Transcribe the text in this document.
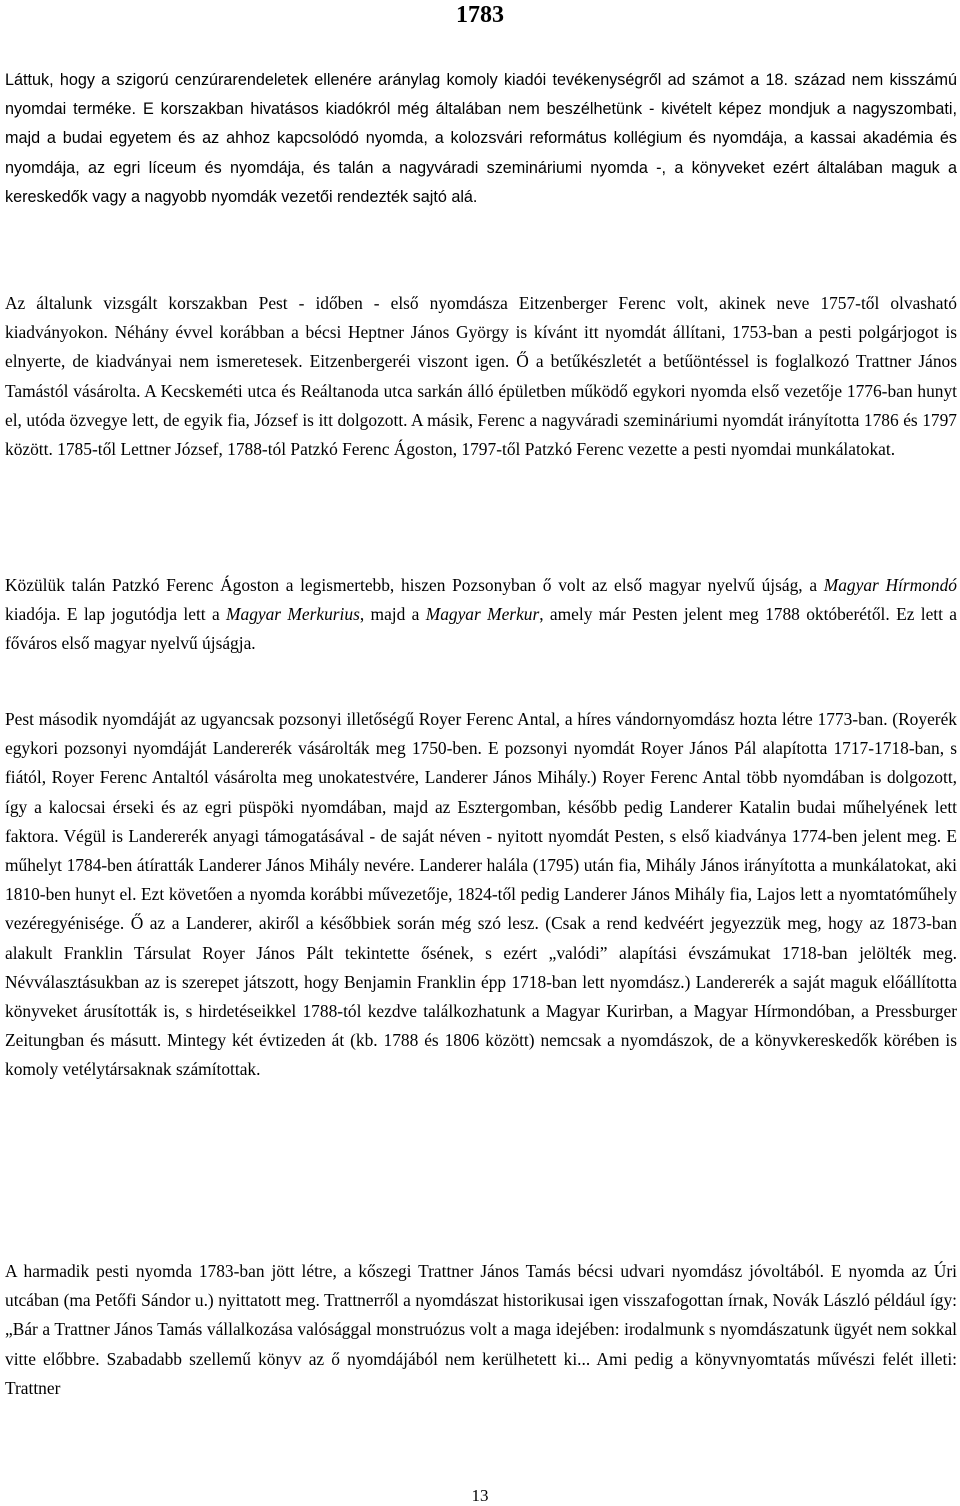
1783

Láttuk, hogy a szigorú cenzúrarendeletek ellenére aránylag komoly kiadói tevékenységről ad számot a 18. század nem kisszámú nyomdai terméke. E korszakban hivatásos kiadókról még általában nem beszélhetünk - kivételt képez mondjuk a nagyszombati, majd a budai egyetem és az ahhoz kapcsolódó nyomda, a kolozsvári református kollégium és nyomdája, a kassai akadémia és nyomdája, az egri líceum és nyomdája, és talán a nagyváradi szemináriumi nyomda -, a könyveket ezért általában maguk a kereskedők vagy a nagyobb nyomdák vezetői rendezték sajtó alá.

Az általunk vizsgált korszakban Pest - időben - első nyomdásza Eitzenberger Ferenc volt, akinek neve 1757-től olvasható kiadványokon. Néhány évvel korábban a bécsi Heptner János György is kívánt itt nyomdát állítani, 1753-ban a pesti polgárjogot is elnyerte, de kiadványai nem ismeretesek. Eitzenbergeréi viszont igen. Ő a betűkészletét a betűöntéssel is foglalkozó Trattner János Tamástól vásárolta. A Kecskeméti utca és Reáltanoda utca sarkán álló épületben működő egykori nyomda első vezetője 1776-ban hunyt el, utóda özvegye lett, de egyik fia, József is itt dolgozott. A másik, Ferenc a nagyváradi szemináriumi nyomdát irányította 1786 és 1797 között. 1785-től Lettner József, 1788-tól Patzkó Ferenc Ágoston, 1797-től Patzkó Ferenc vezette a pesti nyomdai munkálatokat.

Közülük talán Patzkó Ferenc Ágoston a legismertebb, hiszen Pozsonyban ő volt az első magyar nyelvű újság, a Magyar Hírmondó kiadója. E lap jogutódja lett a Magyar Merkurius, majd a Magyar Merkur, amely már Pesten jelent meg 1788 októberétől. Ez lett a főváros első magyar nyelvű újságja.

Pest második nyomdáját az ugyancsak pozsonyi illetőségű Royer Ferenc Antal, a híres vándornyomdász hozta létre 1773-ban. (Royerék egykori pozsonyi nyomdáját Landererék vásárolták meg 1750-ben. E pozsonyi nyomdát Royer János Pál alapította 1717-1718-ban, s fiától, Royer Ferenc Antaltól vásárolta meg unokatestvére, Landerer János Mihály.) Royer Ferenc Antal több nyomdában is dolgozott, így a kalocsai érseki és az egri püspöki nyomdában, majd az Esztergomban, később pedig Landerer Katalin budai műhelyének lett faktora. Végül is Landererék anyagi támogatásával - de saját néven - nyitott nyomdát Pesten, s első kiadványa 1774-ben jelent meg. E műhelyt 1784-ben átíratták Landerer János Mihály nevére. Landerer halála (1795) után fia, Mihály János irányította a munkálatokat, aki 1810-ben hunyt el. Ezt követően a nyomda korábbi művezetője, 1824-től pedig Landerer János Mihály fia, Lajos lett a nyomtatóműhely vezéregyénisége. Ő az a Landerer, akiről a későbbiek során még szó lesz. (Csak a rend kedvéért jegyezzük meg, hogy az 1873-ban alakult Franklin Társulat Royer János Pált tekintette ősének, s ezért „valódi” alapítási évszámukat 1718-ban jelölték meg. Névválasztásukban az is szerepet játszott, hogy Benjamin Franklin épp 1718-ban lett nyomdász.) Landererék a saját maguk előállította könyveket árusították is, s hirdetéseikkel 1788-tól kezdve találkozhatunk a Magyar Kurirban, a Magyar Hírmondóban, a Pressburger Zeitungban és másutt. Mintegy két évtizeden át (kb. 1788 és 1806 között) nemcsak a nyomdászok, de a könyvkereskedők körében is komoly vetélytársaknak számítottak.

A harmadik pesti nyomda 1783-ban jött létre, a kőszegi Trattner János Tamás bécsi udvari nyomdász jóvoltából. E nyomda az Úri utcában (ma Petőfi Sándor u.) nyittatott meg. Trattnerről a nyomdászat historikusai igen visszafogottan írnak, Novák László például így: „Bár a Trattner János Tamás vállalkozása valósággal monstruózus volt a maga idejében: irodalmunk s nyomdászatunk ügyét nem sokkal vitte előbbre. Szabadabb szellemű könyv az ő nyomdájából nem kerülhetett ki... Ami pedig a könyvnyomtatás művészi felét illeti: Trattner

13
